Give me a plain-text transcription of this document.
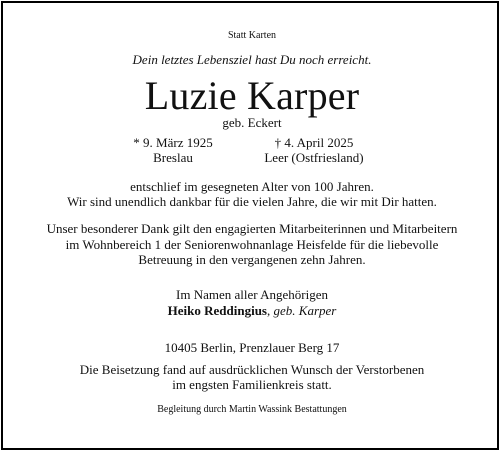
Statt Karten
Dein letztes Lebensziel hast Du noch erreicht.
Luzie Karper
geb. Eckert
* 9. März 1925
Breslau
† 4. April 2025
Leer (Ostfriesland)
entschlief im gesegneten Alter von 100 Jahren.
Wir sind unendlich dankbar für die vielen Jahre, die wir mit Dir hatten.
Unser besonderer Dank gilt den engagierten Mitarbeiterinnen und Mitarbeitern
im Wohnbereich 1 der Seniorenwohnanlage Heisfelde für die liebevolle
Betreuung in den vergangenen zehn Jahren.
Im Namen aller Angehörigen
Heiko Reddingius, geb. Karper
10405 Berlin, Prenzlauer Berg 17
Die Beisetzung fand auf ausdrücklichen Wunsch der Verstorbenen
im engsten Familienkreis statt.
Begleitung durch Martin Wassink Bestattungen
